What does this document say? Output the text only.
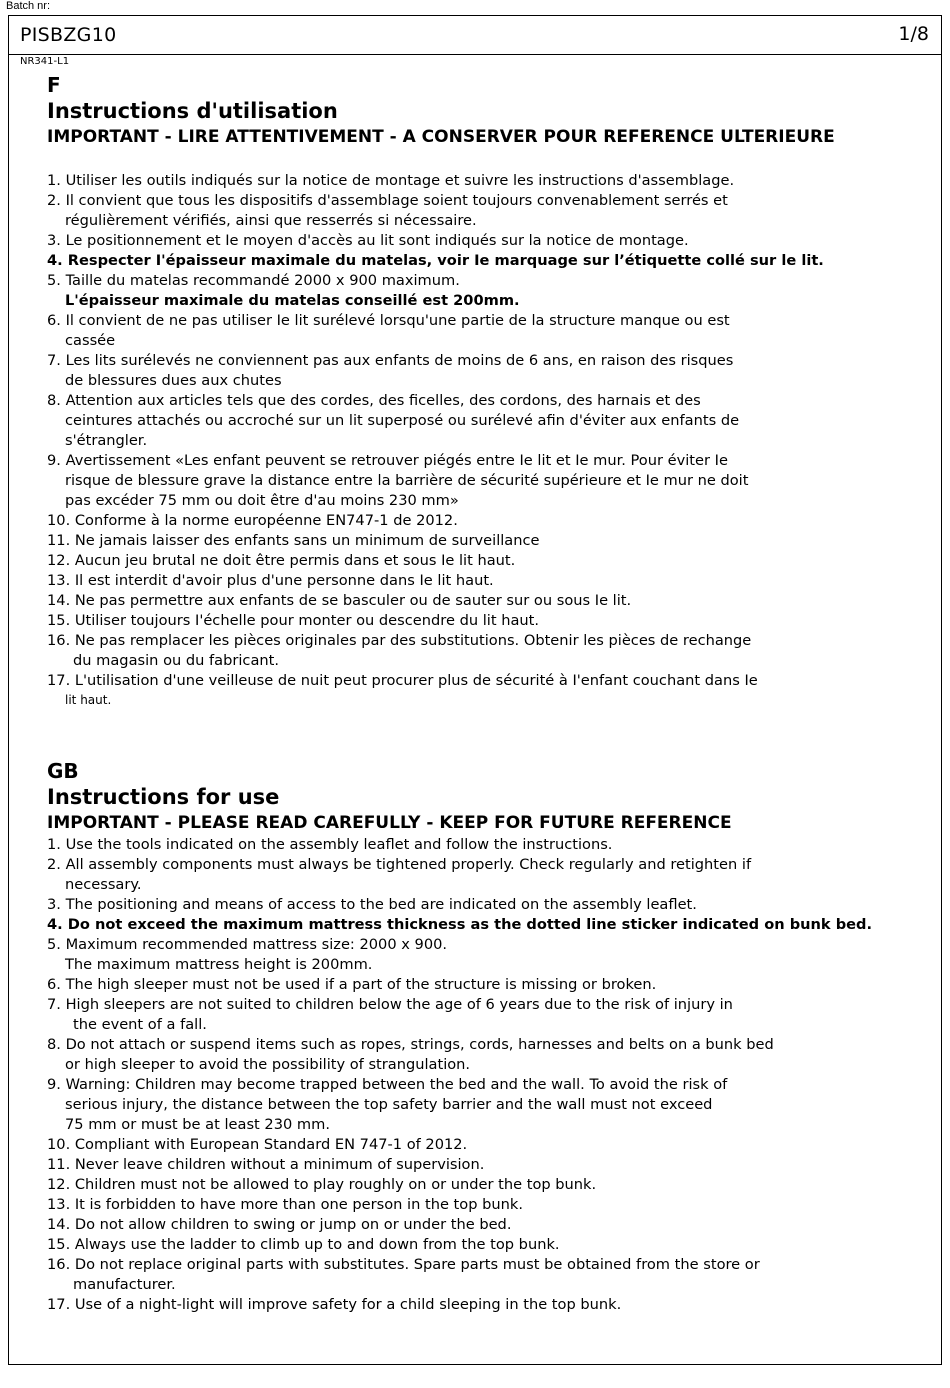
Batch nr:
PISBZG10	1/8
NR341-L1
F
Instructions d'utilisation
IMPORTANT - LIRE ATTENTIVEMENT - A CONSERVER POUR REFERENCE ULTERIEURE
1. Utiliser les outils indiqués sur la notice de montage et suivre les instructions d'assemblage.
2. Il convient que tous les dispositifs d'assemblage soient toujours convenablement serrés et
régulièrement vérifiés, ainsi que resserrés si nécessaire.
3. Le positionnement et Ie moyen d'accès au lit sont indiqués sur la notice de montage.
4. Respecter I'épaisseur maximale du matelas, voir Ie marquage sur l’étiquette collé sur le lit.
5. Taille du matelas recommandé 2000 x 900 maximum.
L'épaisseur maximale du matelas conseillé est 200mm.
6. Il convient de ne pas utiliser Ie lit surélevé lorsqu'une partie de la structure manque ou est
cassée
7. Les lits surélevés ne conviennent pas aux enfants de moins de 6 ans, en raison des risques
de blessures dues aux chutes
8. Attention aux articles tels que des cordes, des ficelles, des cordons, des harnais et des
ceintures attachés ou accroché sur un lit superposé ou surélevé afin d'éviter aux enfants de
s'étrangler.
9. Avertissement «Les enfant peuvent se retrouver piégés entre Ie lit et Ie mur. Pour éviter Ie
risque de blessure grave la distance entre la barrière de sécurité supérieure et Ie mur ne doit
pas excéder 75 mm ou doit être d'au moins 230 mm»
10. Conforme à la norme européenne EN747-1 de 2012.
11. Ne jamais laisser des enfants sans un minimum de surveillance
12. Aucun jeu brutal ne doit être permis dans et sous Ie lit haut.
13. Il est interdit d'avoir plus d'une personne dans Ie lit haut.
14. Ne pas permettre aux enfants de se basculer ou de sauter sur ou sous Ie lit.
15. Utiliser toujours I'échelle pour monter ou descendre du lit haut.
16. Ne pas remplacer les pièces originales par des substitutions. Obtenir les pièces de rechange
du magasin ou du fabricant.
17. L'utilisation d'une veilleuse de nuit peut procurer plus de sécurité à I'enfant couchant dans Ie
lit haut.
GB
Instructions for use
IMPORTANT - PLEASE READ CAREFULLY - KEEP FOR FUTURE REFERENCE
1. Use the tools indicated on the assembly leaflet and follow the instructions.
2. All assembly components must always be tightened properly. Check regularly and retighten if
necessary.
3. The positioning and means of access to the bed are indicated on the assembly leaflet.
4. Do not exceed the maximum mattress thickness as the dotted line sticker indicated on bunk bed.
5. Maximum recommended mattress size: 2000 x 900.
The maximum mattress height is 200mm.
6. The high sleeper must not be used if a part of the structure is missing or broken.
7. High sleepers are not suited to children below the age of 6 years due to the risk of injury in
the event of a fall.
8. Do not attach or suspend items such as ropes, strings, cords, harnesses and belts on a bunk bed
or high sleeper to avoid the possibility of strangulation.
9. Warning: Children may become trapped between the bed and the wall. To avoid the risk of
serious injury, the distance between the top safety barrier and the wall must not exceed
75 mm or must be at least 230 mm.
10. Compliant with European Standard EN 747-1 of 2012.
11. Never leave children without a minimum of supervision.
12. Children must not be allowed to play roughly on or under the top bunk.
13. It is forbidden to have more than one person in the top bunk.
14. Do not allow children to swing or jump on or under the bed.
15. Always use the ladder to climb up to and down from the top bunk.
16. Do not replace original parts with substitutes. Spare parts must be obtained from the store or
manufacturer.
17. Use of a night-light will improve safety for a child sleeping in the top bunk.
